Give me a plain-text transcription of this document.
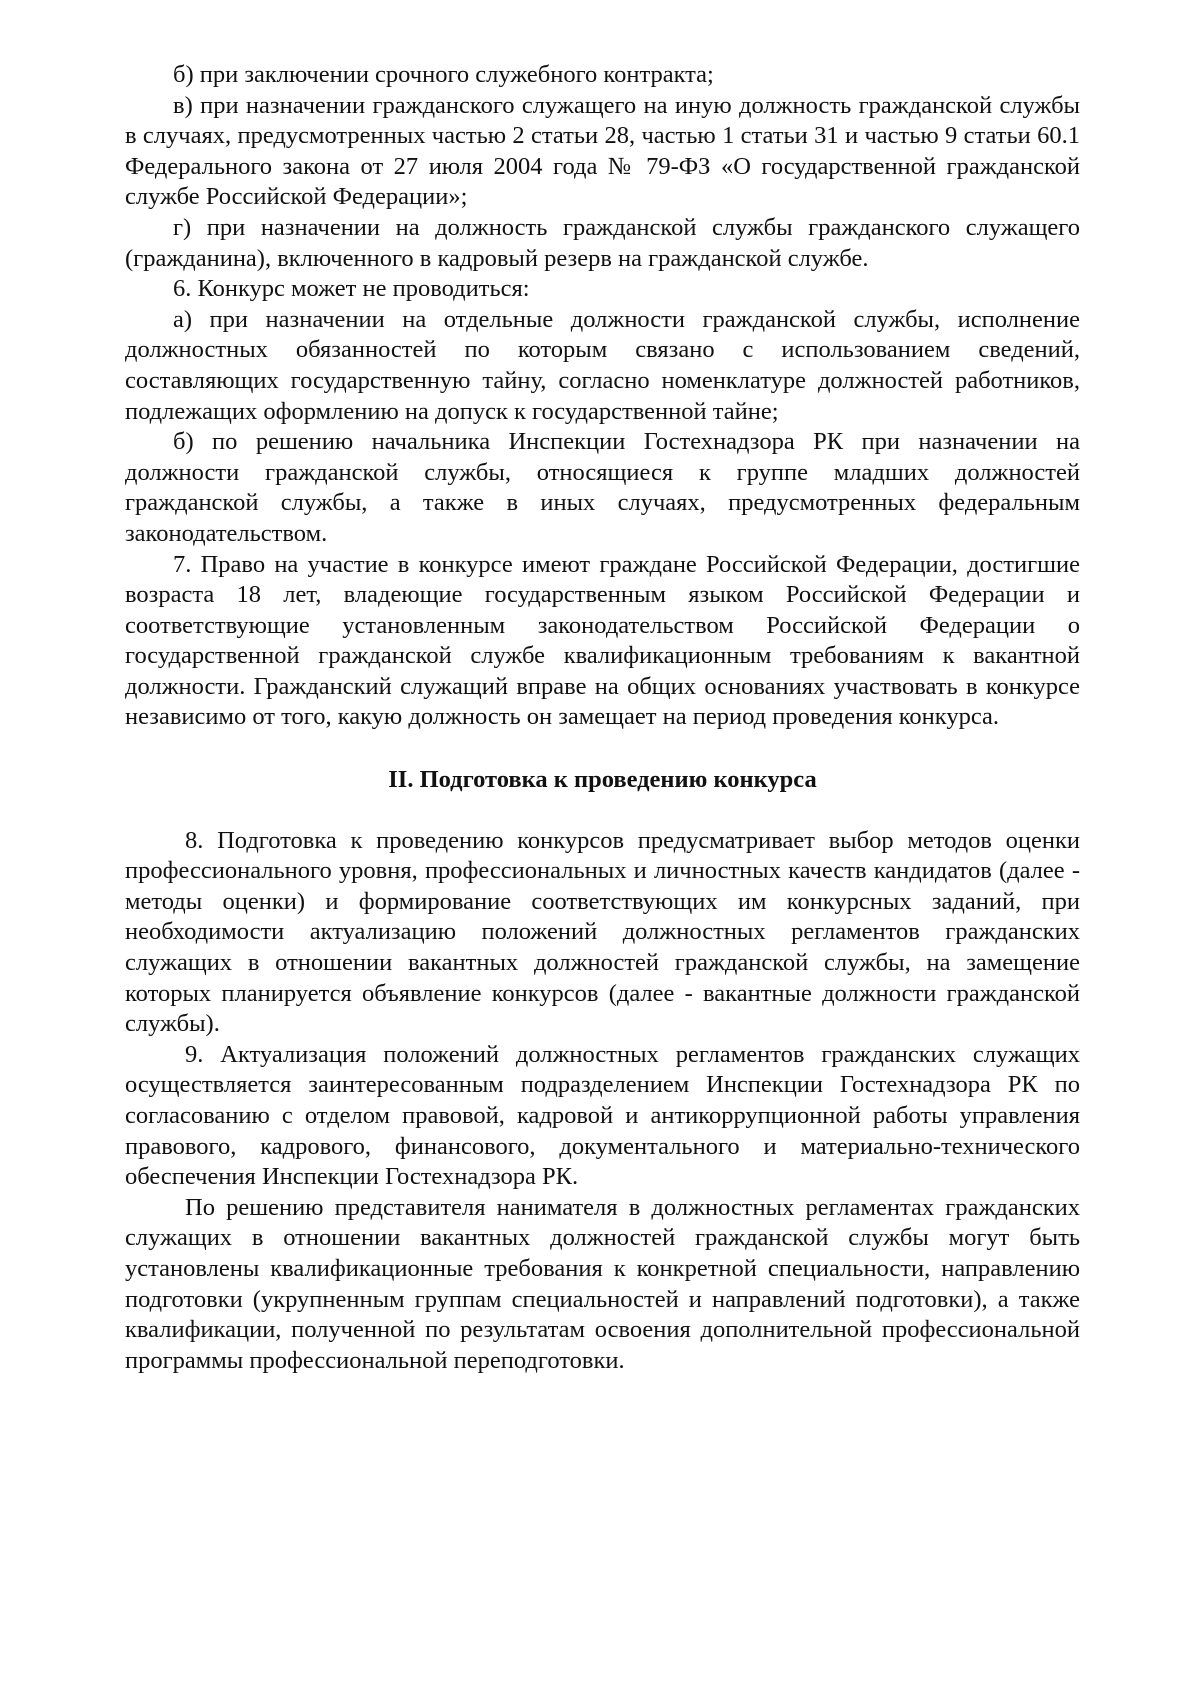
б) при заключении срочного служебного контракта;

в) при назначении гражданского служащего на иную должность гражданской службы в случаях, предусмотренных частью 2 статьи 28, частью 1 статьи 31 и частью 9 статьи 60.1 Федерального закона от 27 июля 2004 года № 79-ФЗ «О государственной гражданской службе Российской Федерации»;

г) при назначении на должность гражданской службы гражданского служащего (гражданина), включенного в кадровый резерв на гражданской службе.

6. Конкурс может не проводиться:

а) при назначении на отдельные должности гражданской службы, исполнение должностных обязанностей по которым связано с использованием сведений, составляющих государственную тайну, согласно номенклатуре должностей работников, подлежащих оформлению на допуск к государственной тайне;

б) по решению начальника Инспекции Гостехнадзора РК при назначении на должности гражданской службы, относящиеся к группе младших должностей гражданской службы, а также в иных случаях, предусмотренных федеральным законодательством.

7. Право на участие в конкурсе имеют граждане Российской Федерации, достигшие возраста 18 лет, владеющие государственным языком Российской Федерации и соответствующие установленным законодательством Российской Федерации о государственной гражданской службе квалификационным требованиям к вакантной должности. Гражданский служащий вправе на общих основаниях участвовать в конкурсе независимо от того, какую должность он замещает на период проведения конкурса.

II. Подготовка к проведению конкурса

8. Подготовка к проведению конкурсов предусматривает выбор методов оценки профессионального уровня, профессиональных и личностных качеств кандидатов (далее - методы оценки) и формирование соответствующих им конкурсных заданий, при необходимости актуализацию положений должностных регламентов гражданских служащих в отношении вакантных должностей гражданской службы, на замещение которых планируется объявление конкурсов (далее - вакантные должности гражданской службы).

9. Актуализация положений должностных регламентов гражданских служащих осуществляется заинтересованным подразделением Инспекции Гостехнадзора РК по согласованию с отделом правовой, кадровой и антикоррупционной работы управления правового, кадрового, финансового, документального и материально-технического обеспечения Инспекции Гостехнадзора РК.

По решению представителя нанимателя в должностных регламентах гражданских служащих в отношении вакантных должностей гражданской службы могут быть установлены квалификационные требования к конкретной специальности, направлению подготовки (укрупненным группам специальностей и направлений подготовки), а также квалификации, полученной по результатам освоения дополнительной профессиональной программы профессиональной переподготовки.
